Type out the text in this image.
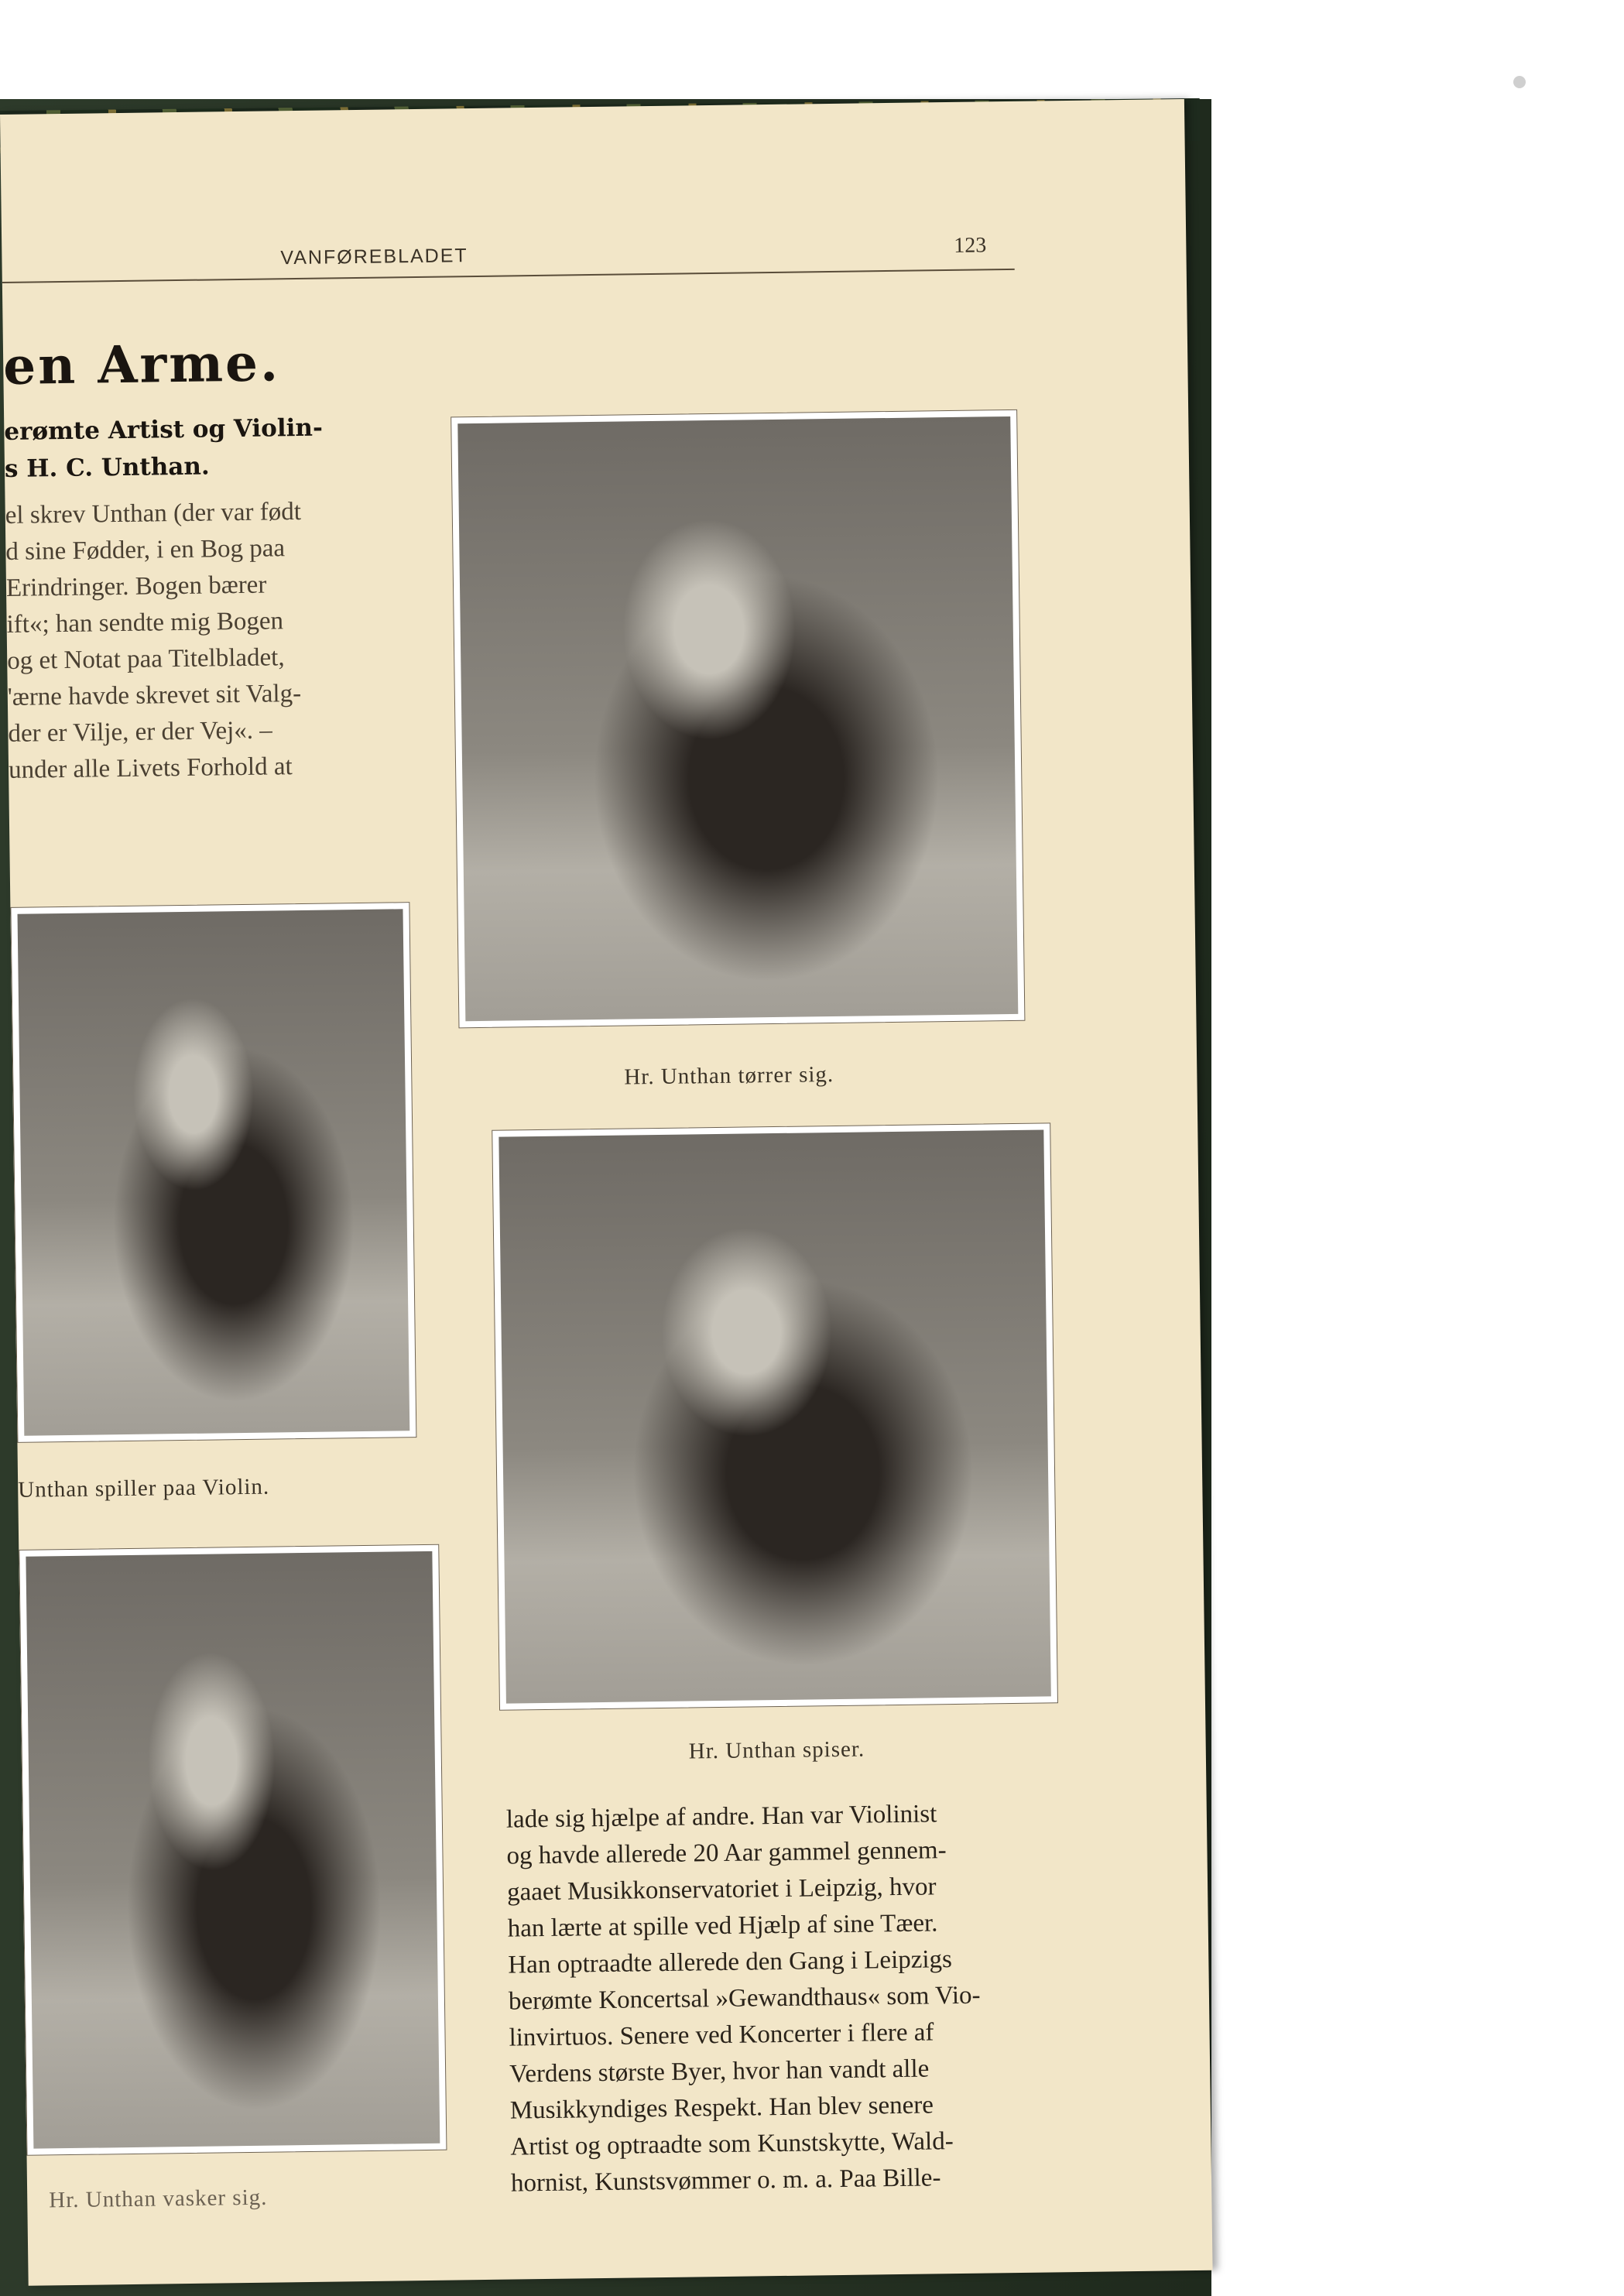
VANFØREBLADET	123
en Arme.
erømte Artist og Violin-
s H. C. Unthan.
el skrev Unthan (der var født
d sine Fødder, i en Bog paa
Erindringer. Bogen bærer
ift«; han sendte mig Bogen
og et Notat paa Titelbladet,
'ærne havde skrevet sit Valg-
der er Vilje, er der Vej«. –
under alle Livets Forhold at
Hr. Unthan tørrer sig.
Unthan spiller paa Violin.
Hr. Unthan spiser.
Hr. Unthan vasker sig.
lade sig hjælpe af andre. Han var Violinist
og havde allerede 20 Aar gammel gennem-
gaaet Musikkonservatoriet i Leipzig, hvor
han lærte at spille ved Hjælp af sine Tæer.
Han optraadte allerede den Gang i Leipzigs
berømte Koncertsal »Gewandthaus« som Vio-
linvirtuos. Senere ved Koncerter i flere af
Verdens største Byer, hvor han vandt alle
Musikkyndiges Respekt. Han blev senere
Artist og optraadte som Kunstskytte, Wald-
hornist, Kunstsvømmer o. m. a. Paa Bille-
